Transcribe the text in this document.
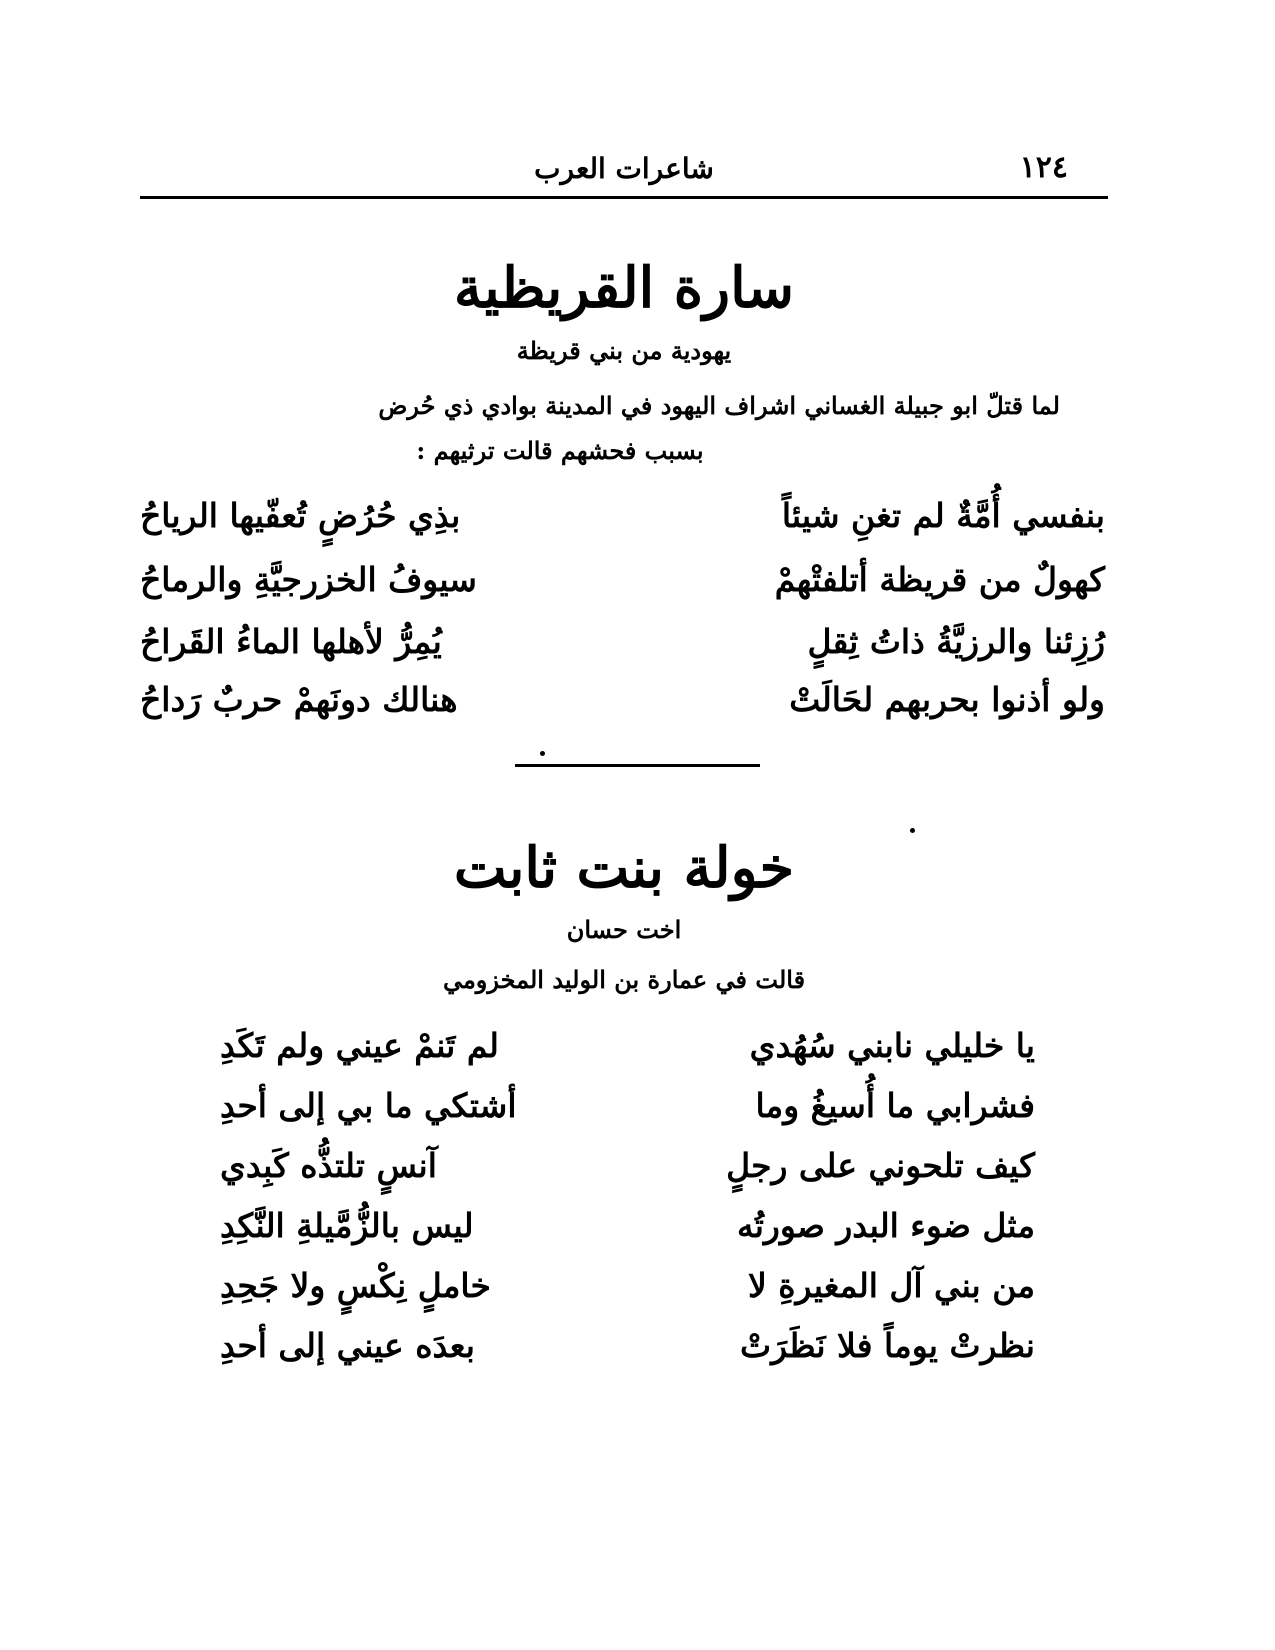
١٢٤
شاعرات العرب
سارة القريظية
يهودية من بني قريظة
لما قتلّ ابو جبيلة الغساني اشراف اليهود في المدينة بوادي ذي حُرض
بسبب فحشهم قالت ترثيهم :
بنفسي أُمَّةٌ لم تغنِ شيئاً
بذِي حُرُضٍ تُعفّيها الرياحُ
كهولٌ من قريظة أتلفتْهمْ
سيوفُ الخزرجيَّةِ والرماحُ
رُزِئنا والرزيَّةُ ذاتُ ثِقلٍ
يُمِرُّ لأهلها الماءُ القَراحُ
ولو أذنوا بحربهم لحَالَتْ
هنالك دونَهمْ حربٌ رَداحُ
خولة بنت ثابت
اخت حسان
قالت في عمارة بن الوليد المخزومي
يا خليلي نابني سُهُدي
لم تَنمْ عيني ولم تَكَدِ
فشرابي ما أُسيغُ وما
أشتكي ما بي إلى أحدِ
كيف تلحوني على رجلٍ
آنسٍ تلتذُّه كَبِدي
مثل ضوء البدر صورتُه
ليس بالزُّمَّيلةِ النَّكِدِ
من بني آل المغيرةِ لا
خاملٍ نِكْسٍ ولا جَحِدِ
نظرتْ يوماً فلا نَظَرَتْ
بعدَه عيني إلى أحدِ
